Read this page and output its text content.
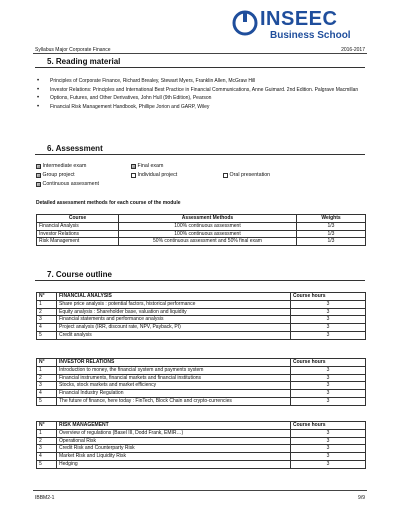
INSEEC
Business School
Syllabus Major Corporate Finance	2016-2017
5. Reading material
• Principles of Corporate Finance, Richard Brealey, Stewart Myers, Franklin Allen, McGraw Hill
• Investor Relations: Principles and International Best Practice in Financial Communications, Anne Guimard. 2nd Edition. Palgrave Macmillan
• Options, Futures, and Other Derivatives, John Hull (9th Edition), Pearson
• Financial Risk Management Handbook, Phillipe Jorion and GARP, Wiley
6. Assessment
☒ Intermediate exam	☒ Final exam
☒ Group project	Individual project	Oral presentation
☒ Continuous assessment
Detailed assessment methods for each course of the module
Course	Assessment Methods	Weights
Financial Analysis	100% continuous assessment	1/3
Investor Relations	100% continuous assessment	1/3
Risk Management	50% continuous assessment and 50% final exam	1/3
7. Course outline
N°	FINANCIAL ANALYSIS	Course hours
1	Share price analysis : potential factors, historical performance	3
2	Equity analysis : Shareholder base, valuation and liquidity	3
3	Financial statements and performance analysis	3
4	Project analysis (IRR, discount rate, NPV, Payback, PI)	3
5	Credit analysis	3
N°	INVESTOR RELATIONS	Course hours
1	Introduction to money, the financial system and payments system	3
2	Financial instruments, financial markets and financial institutions	3
3	Stocks, stock markets and market efficiency	3
4	Financial Industry Regulation	3
5	The future of finance, here today : FinTech, Block Chain and crypto-currencies	3
N°	RISK MANAGEMENT	Course hours
1	Overview of regulations (Basel III, Dodd Frank, EMIR…)	3
2	Operational Risk	3
3	Credit Risk and Counterparty Risk	3
4	Market Risk and Liquidity Risk	3
5	Hedging	3
IBBM2-1	9/9
